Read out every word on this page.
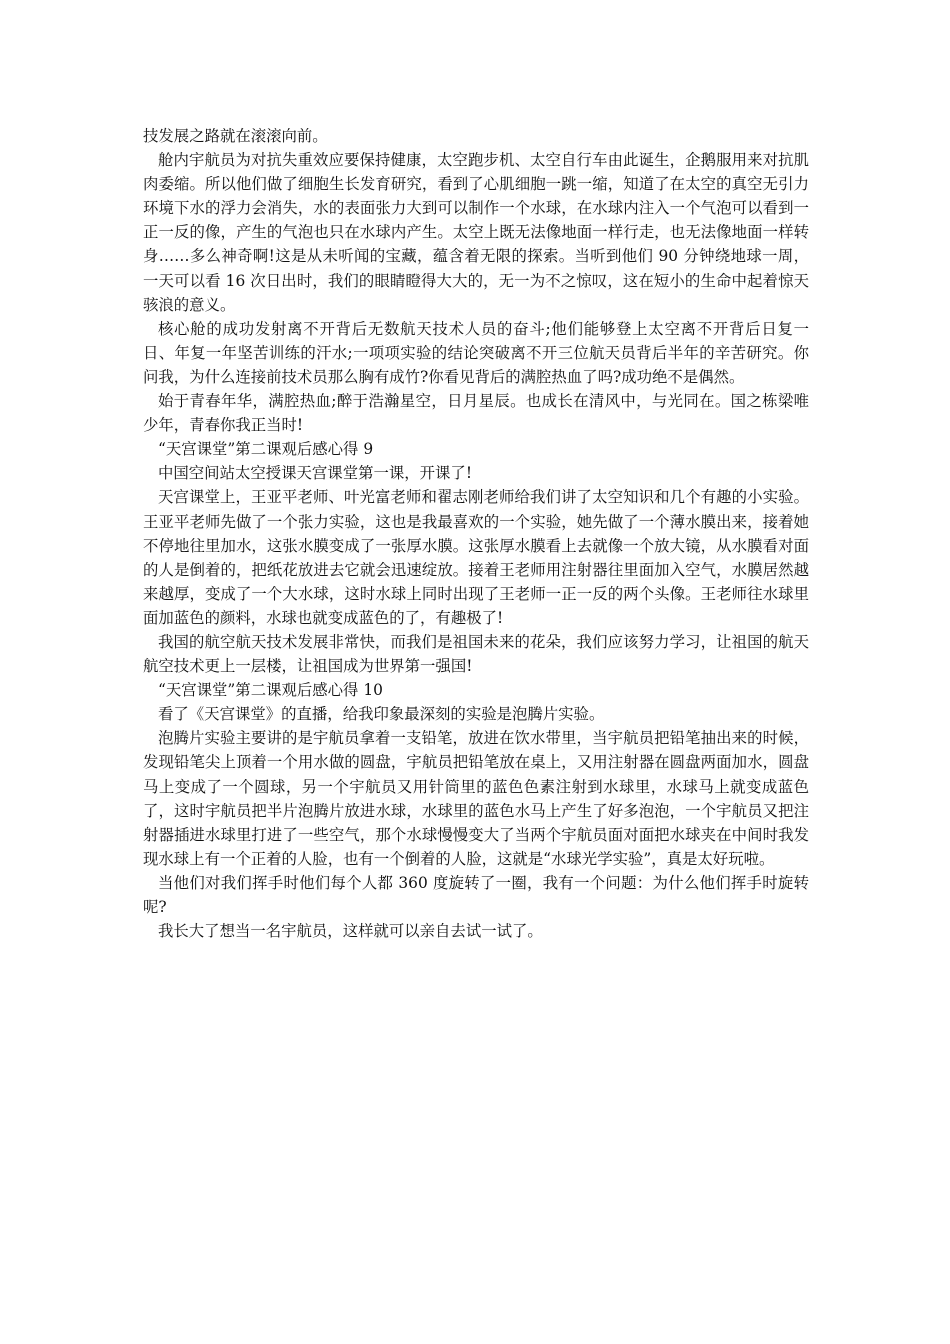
技发展之路就在滚滚向前。

舱内宇航员为对抗失重效应要保持健康，太空跑步机、太空自行车由此诞生，企鹅服用来对抗肌肉委缩。所以他们做了细胞生长发育研究，看到了心肌细胞一跳一缩，知道了在太空的真空无引力环境下水的浮力会消失，水的表面张力大到可以制作一个水球，在水球内注入一个气泡可以看到一正一反的像，产生的气泡也只在水球内产生。太空上既无法像地面一样行走，也无法像地面一样转身……多么神奇啊!这是从未听闻的宝藏，蕴含着无限的探索。当听到他们 90 分钟绕地球一周，一天可以看 16 次日出时，我们的眼睛瞪得大大的，无一为不之惊叹，这在短小的生命中起着惊天骇浪的意义。

核心舱的成功发射离不开背后无数航天技术人员的奋斗;他们能够登上太空离不开背后日复一日、年复一年坚苦训练的汗水;一项项实验的结论突破离不开三位航天员背后半年的辛苦研究。你问我，为什么连接前技术员那么胸有成竹?你看见背后的满腔热血了吗?成功绝不是偶然。

始于青春年华，满腔热血;醉于浩瀚星空，日月星辰。也成长在清风中，与光同在。国之栋梁唯少年，青春你我正当时!

“天宫课堂”第二课观后感心得 9

中国空间站太空授课天宫课堂第一课，开课了!

天宫课堂上，王亚平老师、叶光富老师和翟志刚老师给我们讲了太空知识和几个有趣的小实验。王亚平老师先做了一个张力实验，这也是我最喜欢的一个实验，她先做了一个薄水膜出来，接着她不停地往里加水，这张水膜变成了一张厚水膜。这张厚水膜看上去就像一个放大镜，从水膜看对面的人是倒着的，把纸花放进去它就会迅速绽放。接着王老师用注射器往里面加入空气，水膜居然越来越厚，变成了一个大水球，这时水球上同时出现了王老师一正一反的两个头像。王老师往水球里面加蓝色的颜料，水球也就变成蓝色的了，有趣极了!

我国的航空航天技术发展非常快，而我们是祖国未来的花朵，我们应该努力学习，让祖国的航天航空技术更上一层楼，让祖国成为世界第一强国!

“天宫课堂”第二课观后感心得 10

看了《天宫课堂》的直播，给我印象最深刻的实验是泡腾片实验。

泡腾片实验主要讲的是宇航员拿着一支铅笔，放进在饮水带里，当宇航员把铅笔抽出来的时候，发现铅笔尖上顶着一个用水做的圆盘，宇航员把铅笔放在桌上，又用注射器在圆盘两面加水，圆盘马上变成了一个圆球，另一个宇航员又用针筒里的蓝色色素注射到水球里，水球马上就变成蓝色了，这时宇航员把半片泡腾片放进水球，水球里的蓝色水马上产生了好多泡泡，一个宇航员又把注射器插进水球里打进了一些空气，那个水球慢慢变大了当两个宇航员面对面把水球夹在中间时我发现水球上有一个正着的人脸，也有一个倒着的人脸，这就是“水球光学实验”，真是太好玩啦。

当他们对我们挥手时他们每个人都 360 度旋转了一圈，我有一个问题：为什么他们挥手时旋转呢?

我长大了想当一名宇航员，这样就可以亲自去试一试了。
